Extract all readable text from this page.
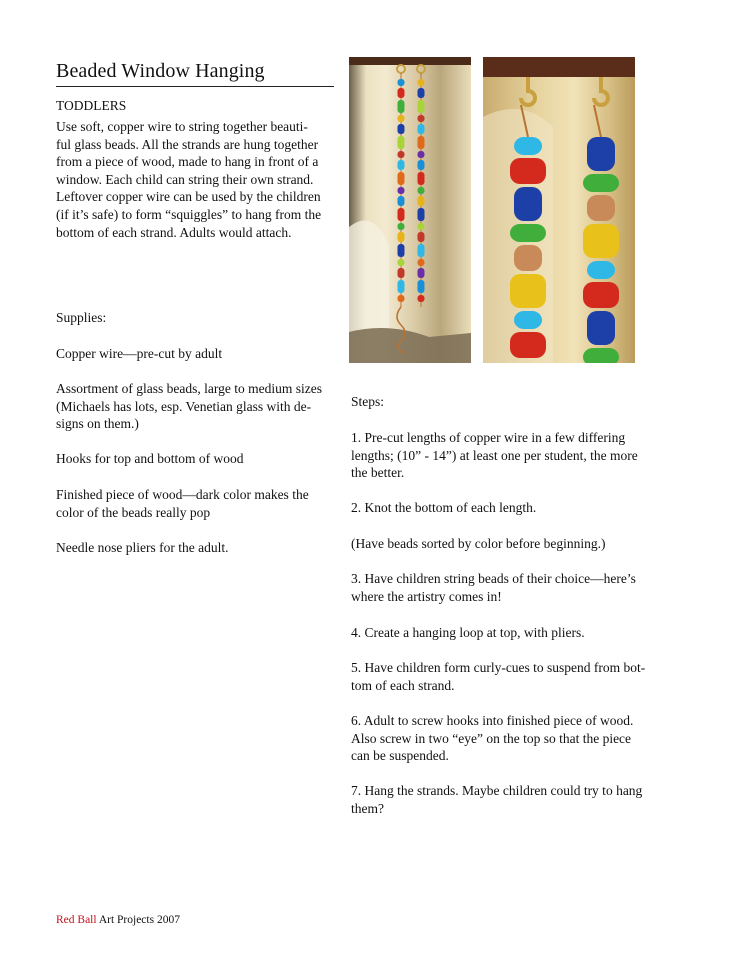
Beaded Window Hanging
TODDLERS
Use soft, copper wire to string together beauti-
ful glass beads. All the strands are hung together
from a piece of wood, made to hang in front of a
window. Each child can string their own strand.
Leftover copper wire can be used by the children
(if it’s safe) to form “squiggles” to hang from the
bottom of each strand. Adults would attach.
Supplies:
Copper wire—pre-cut by adult
Assortment of glass beads, large to medium sizes
(Michaels has lots, esp. Venetian glass with de-
signs on them.)
Hooks for top and bottom of wood
Finished piece of wood—dark color makes the
color of the beads really pop
Needle nose pliers for the adult.
Steps:
1. Pre-cut lengths of copper wire in a few differing
lengths; (10” - 14”) at least one per student, the more
the better.
2. Knot the bottom of each length.
(Have beads sorted by color before beginning.)
3. Have children string beads of their choice—here’s
where the artistry comes in!
4. Create a hanging loop at top, with pliers.
5. Have children form curly-cues to suspend from bot-
tom of each strand.
6. Adult to screw hooks into finished piece of wood.
Also screw in two “eye” on the top so that the piece
can be suspended.
7. Hang the strands. Maybe children could try to hang
them?
Red Ball Art Projects 2007
